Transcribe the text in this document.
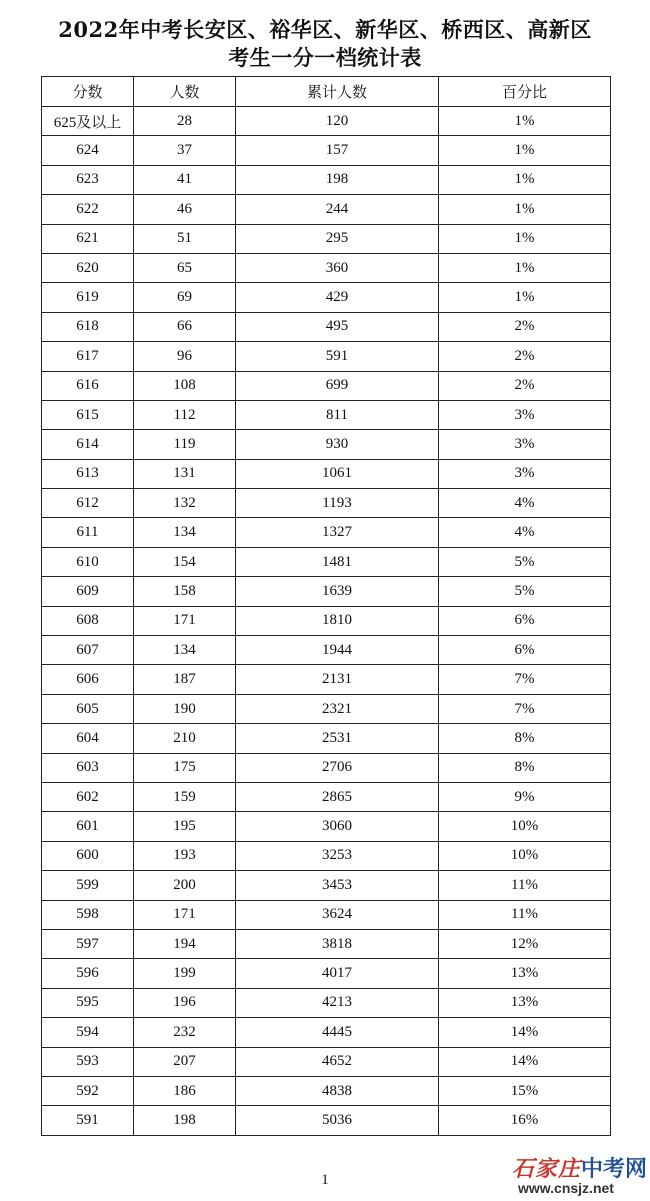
2022年中考长安区、裕华区、新华区、桥西区、高新区
考生一分一档统计表
分数	人数	累计人数	百分比
625及以上	28	120	1%
624	37	157	1%
623	41	198	1%
622	46	244	1%
621	51	295	1%
620	65	360	1%
619	69	429	1%
618	66	495	2%
617	96	591	2%
616	108	699	2%
615	112	811	3%
614	119	930	3%
613	131	1061	3%
612	132	1193	4%
611	134	1327	4%
610	154	1481	5%
609	158	1639	5%
608	171	1810	6%
607	134	1944	6%
606	187	2131	7%
605	190	2321	7%
604	210	2531	8%
603	175	2706	8%
602	159	2865	9%
601	195	3060	10%
600	193	3253	10%
599	200	3453	11%
598	171	3624	11%
597	194	3818	12%
596	199	4017	13%
595	196	4213	13%
594	232	4445	14%
593	207	4652	14%
592	186	4838	15%
591	198	5036	16%
1	石家庄中考网
www.cnsjz.net
